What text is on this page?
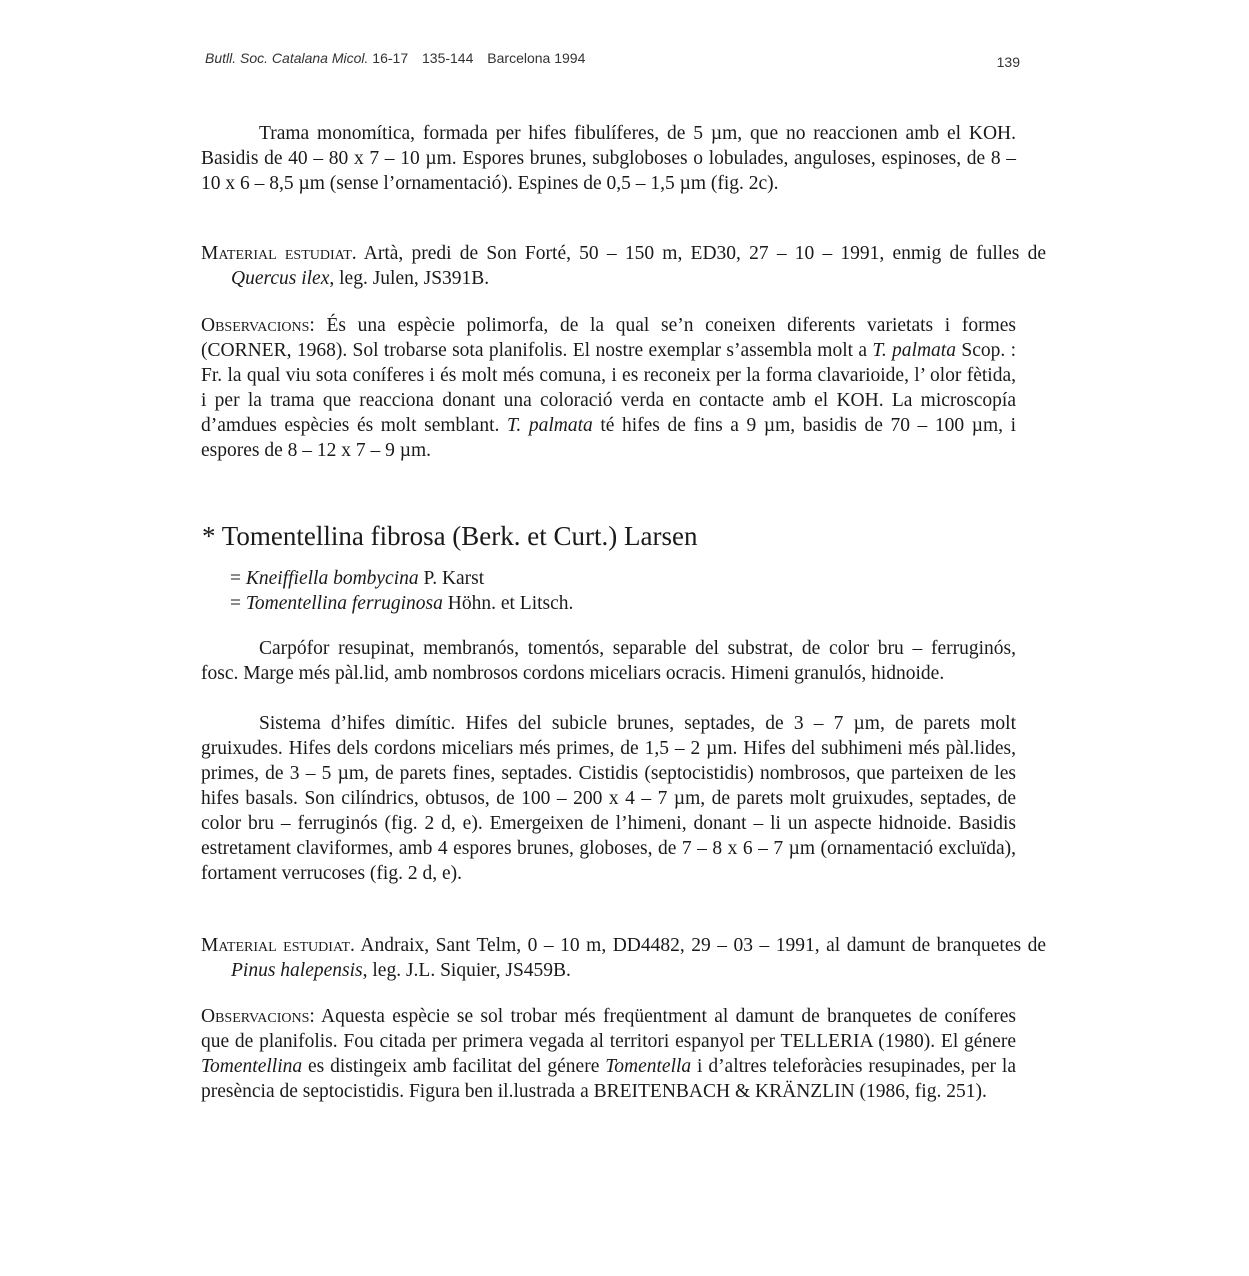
Butll. Soc. Catalana Micol. 16-17 135-144 Barcelona 1994	139
Trama monomítica, formada per hifes fibulíferes, de 5 µm, que no reaccionen amb el KOH. Basidis de 40 – 80 x 7 – 10 µm. Espores brunes, subgloboses o lobulades, anguloses, espinoses, de 8 – 10 x 6 – 8,5 µm (sense l’ornamentació). Espines de 0,5 – 1,5 µm (fig. 2c).
Material estudiat. Artà, predi de Son Forté, 50 – 150 m, ED30, 27 – 10 – 1991, enmig de fulles de Quercus ilex, leg. Julen, JS391B.
Observacions: És una espècie polimorfa, de la qual se’n coneixen diferents varietats i formes (CORNER, 1968). Sol trobarse sota planifolis. El nostre exemplar s’assembla molt a T. palmata Scop. : Fr. la qual viu sota coníferes i és molt més comuna, i es reconeix per la forma clavarioide, l’ olor fètida, i per la trama que reacciona donant una coloració verda en contacte amb el KOH. La microscopía d’amdues espècies és molt semblant. T. palmata té hifes de fins a 9 µm, basidis de 70 – 100 µm, i espores de 8 – 12 x 7 – 9 µm.
* Tomentellina fibrosa (Berk. et Curt.) Larsen
= Kneiffiella bombycina P. Karst
= Tomentellina ferruginosa Höhn. et Litsch.
Carpófor resupinat, membranós, tomentós, separable del substrat, de color bru – ferruginós, fosc. Marge més pàl.lid, amb nombrosos cordons miceliars ocracis. Himeni granulós, hidnoide.
Sistema d’hifes dimític. Hifes del subicle brunes, septades, de 3 – 7 µm, de parets molt gruixudes. Hifes dels cordons miceliars més primes, de 1,5 – 2 µm. Hifes del subhimeni més pàl.lides, primes, de 3 – 5 µm, de parets fines, septades. Cistidis (septocistidis) nombrosos, que parteixen de les hifes basals. Son cilíndrics, obtusos, de 100 – 200 x 4 – 7 µm, de parets molt gruixudes, septades, de color bru – ferruginós (fig. 2 d, e). Emergeixen de l’himeni, donant – li un aspecte hidnoide. Basidis estretament claviformes, amb 4 espores brunes, globoses, de 7 – 8 x 6 – 7 µm (ornamentació excluïda), fortament verrucoses (fig. 2 d, e).
Material estudiat. Andraix, Sant Telm, 0 – 10 m, DD4482, 29 – 03 – 1991, al damunt de branquetes de Pinus halepensis, leg. J.L. Siquier, JS459B.
Observacions: Aquesta espècie se sol trobar més freqüentment al damunt de branquetes de coníferes que de planifolis. Fou citada per primera vegada al territori espanyol per TELLERIA (1980). El génere Tomentellina es distingeix amb facilitat del génere Tomentella i d’altres teleforàcies resupinades, per la presència de septocistidis. Figura ben il.lustrada a BREITENBACH & KRÄNZLIN (1986, fig. 251).
